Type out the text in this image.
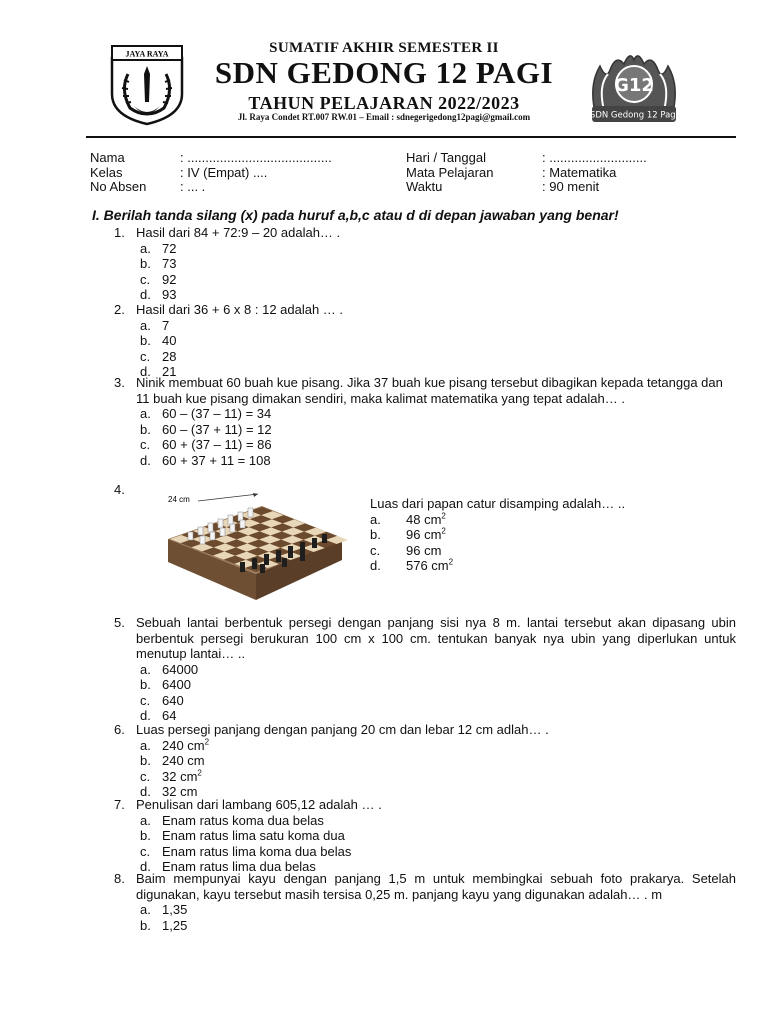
JAYA RAYA	SUMATIF AKHIR SEMESTER II
SDN GEDONG 12 PAGI
TAHUN PELAJARAN 2022/2023
Jl. Raya Condet RT.007 RW.01 – Email : sdnegerigedong12pagi@gmail.com
G12
SDN Gedong 12 Pagi
Nama	: ........................................	Hari / Tanggal	: ...........................
Kelas	: IV (Empat) ....	Mata Pelajaran	: Matematika
No Absen	: ... .	Waktu	: 90 menit
I. Berilah tanda silang (x) pada huruf a,b,c atau d di depan jawaban yang benar!
1. Hasil dari 84 + 72:9 – 20 adalah… .
a. 72
b. 73
c. 92
d. 93
2. Hasil dari 36 + 6 x 8 : 12 adalah … .
a. 7
b. 40
c. 28
d. 21
3. Ninik membuat 60 buah kue pisang. Jika 37 buah kue pisang tersebut dibagikan kepada tetangga dan 11 buah kue pisang dimakan sendiri, maka kalimat matematika yang tepat adalah… .
a. 60 – (37 – 11) = 34
b. 60 – (37 + 11) = 12
c. 60 + (37 – 11) = 86
d. 60 + 37 + 11 = 108
4.
24 cm	Luas dari papan catur disamping adalah… ..
a. 48 $cm^2$
b. 96 $cm^2$
c. 96 cm
d. 576 $cm^2$
5. Sebuah lantai berbentuk persegi dengan panjang sisi nya 8 m. lantai tersebut akan dipasang ubin berbentuk persegi berukuran 100 cm x 100 cm. tentukan banyak nya ubin yang diperlukan untuk menutup lantai… ..
a. 64000
b. 6400
c. 640
d. 64
6. Luas persegi panjang dengan panjang 20 cm dan lebar 12 cm adlah… .
a. 240 $cm^2$
b. 240 cm
c. 32 $cm^2$
d. 32 cm
7. Penulisan dari lambang 605,12 adalah … .
a. Enam ratus koma dua belas
b. Enam ratus lima satu koma dua
c. Enam ratus lima koma dua belas
d. Enam ratus lima dua belas
8. Baim mempunyai kayu dengan panjang 1,5 m untuk membingkai sebuah foto prakarya. Setelah digunakan, kayu tersebut masih tersisa 0,25 m. panjang kayu yang digunakan adalah… . m
a. 1,35
b. 1,25
